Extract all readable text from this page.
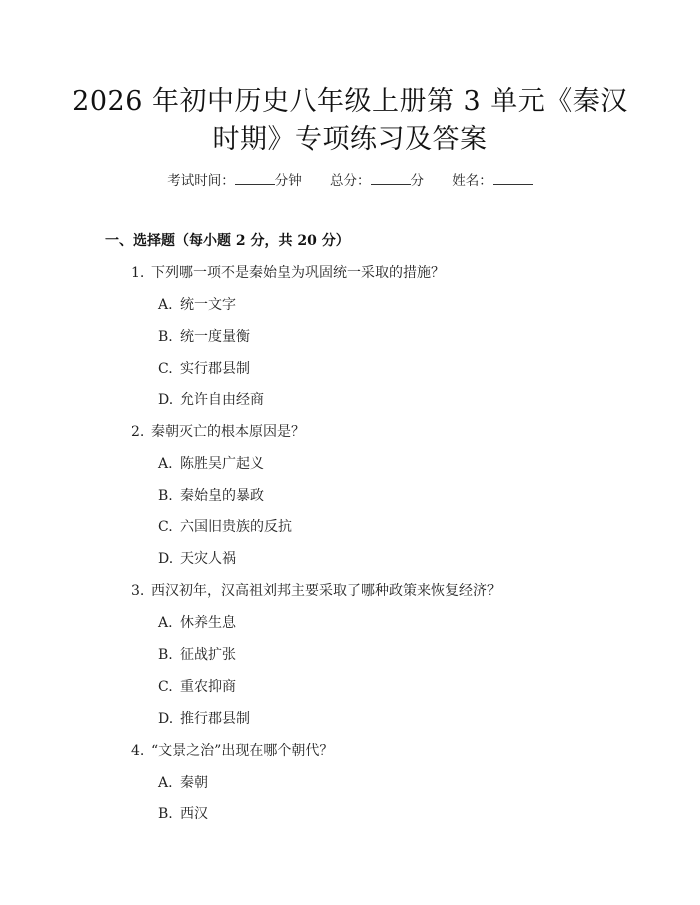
2026 年初中历史八年级上册第 3 单元《秦汉
时期》专项练习及答案
考试时间：	分钟 总分：	分 姓名：
一、选择题（每小题 2 分，共 20 分）
1. 下列哪一项不是秦始皇为巩固统一采取的措施？
A. 统一文字
B. 统一度量衡
C. 实行郡县制
D. 允许自由经商
2. 秦朝灭亡的根本原因是？
A. 陈胜吴广起义
B. 秦始皇的暴政
C. 六国旧贵族的反抗
D. 天灾人祸
3. 西汉初年，汉高祖刘邦主要采取了哪种政策来恢复经济？
A. 休养生息
B. 征战扩张
C. 重农抑商
D. 推行郡县制
4. “文景之治”出现在哪个朝代？
A. 秦朝
B. 西汉
